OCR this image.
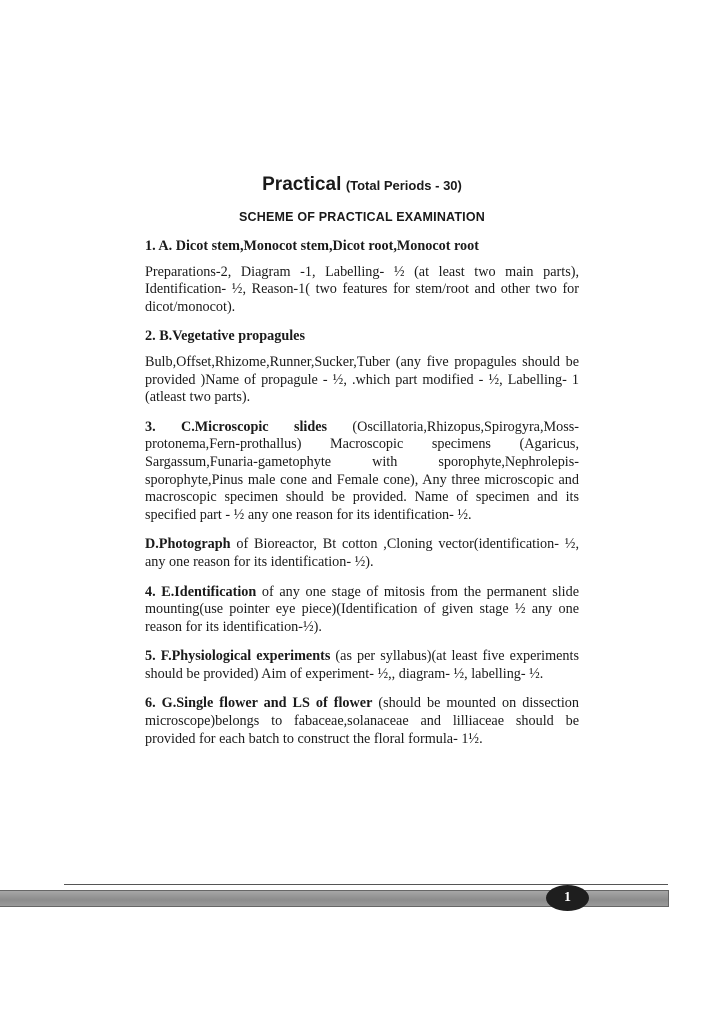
Practical (Total Periods - 30)
SCHEME OF PRACTICAL EXAMINATION

1. A. Dicot stem,Monocot stem,Dicot root,Monocot root

Preparations-2, Diagram -1, Labelling- ½ (at least two main parts), Identification- ½, Reason-1( two features for stem/root and other two for dicot/monocot).

2. B.Vegetative propagules

Bulb,Offset,Rhizome,Runner,Sucker,Tuber (any five propagules should be provided )Name of propagule - ½, .which part modified - ½, Labelling- 1 (atleast two parts).

3. C.Microscopic slides (Oscillatoria,Rhizopus,Spirogyra,Moss-protonema,Fern-prothallus) Macroscopic specimens (Agaricus, Sargassum,Funaria-gametophyte with sporophyte,Nephrolepis-sporophyte,Pinus male cone and Female cone), Any three microscopic and macroscopic specimen should be provided. Name of specimen and its specified part - ½ any one reason for its identification- ½.

D.Photograph of Bioreactor, Bt cotton ,Cloning vector(identification- ½, any one reason for its identification- ½).

4. E.Identification of any one stage of mitosis from the permanent slide mounting(use pointer eye piece)(Identification of given stage ½ any one reason for its identification-½).

5. F.Physiological experiments (as per syllabus)(at least five experiments should be provided) Aim of experiment- ½,, diagram- ½, labelling- ½.

6. G.Single flower and LS of flower (should be mounted on dissection microscope)belongs to fabaceae,solanaceae and lilliaceae should be provided for each batch to construct the floral formula- 1½.

1
